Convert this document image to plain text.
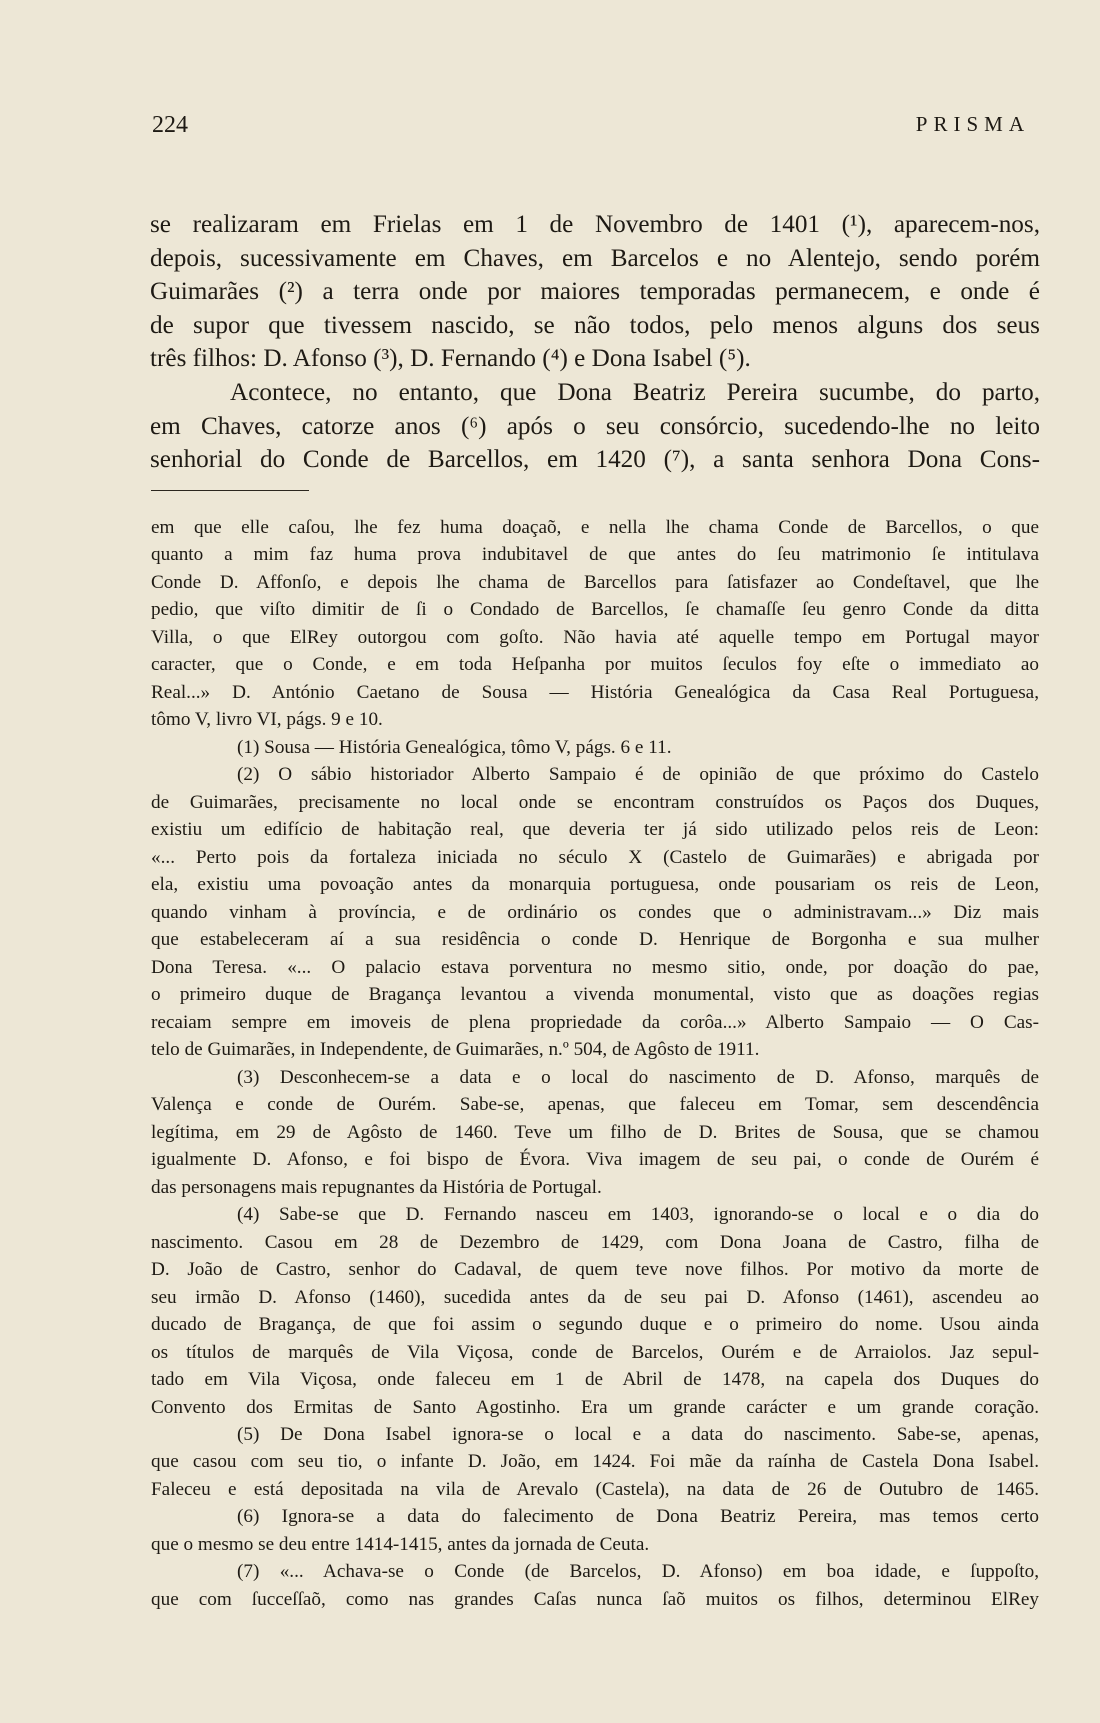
224	PRISMA

se realizaram em Frielas em 1 de Novembro de 1401 (¹), aparecem-nos,

depois, sucessivamente em Chaves, em Barcelos e no Alentejo, sendo porém

Guimarães (²) a terra onde por maiores temporadas permanecem, e onde é

de supor que tivessem nascido, se não todos, pelo menos alguns dos seus

três filhos: D. Afonso (³), D. Fernando (⁴) e Dona Isabel (⁵).

Acontece, no entanto, que Dona Beatriz Pereira sucumbe, do parto,

em Chaves, catorze anos (⁶) após o seu consórcio, sucedendo-lhe no leito

senhorial do Conde de Barcellos, em 1420 (⁷), a santa senhora Dona Cons-

em que elle caſou, lhe fez huma doaçaõ, e nella lhe chama Conde de Barcellos, o que

quanto a mim faz huma prova indubitavel de que antes do ſeu matrimonio ſe intitulava

Conde D. Affonſo, e depois lhe chama de Barcellos para ſatisfazer ao Condeſtavel, que lhe

pedio, que viſto dimitir de ſi o Condado de Barcellos, ſe chamaſſe ſeu genro Conde da ditta

Villa, o que ElRey outorgou com goſto. Não havia até aquelle tempo em Portugal mayor

caracter, que o Conde, e em toda Heſpanha por muitos ſeculos foy eſte o immediato ao

Real...» D. António Caetano de Sousa — História Genealógica da Casa Real Portuguesa,

tômo V, livro VI, págs. 9 e 10.

(1) Sousa — História Genealógica, tômo V, págs. 6 e 11.

(2) O sábio historiador Alberto Sampaio é de opinião de que próximo do Castelo

de Guimarães, precisamente no local onde se encontram construídos os Paços dos Duques,

existiu um edifício de habitação real, que deveria ter já sido utilizado pelos reis de Leon:

«... Perto pois da fortaleza iniciada no século X (Castelo de Guimarães) e abrigada por

ela, existiu uma povoação antes da monarquia portuguesa, onde pousariam os reis de Leon,

quando vinham à província, e de ordinário os condes que o administravam...» Diz mais

que estabeleceram aí a sua residência o conde D. Henrique de Borgonha e sua mulher

Dona Teresa. «... O palacio estava porventura no mesmo sitio, onde, por doação do pae,

o primeiro duque de Bragança levantou a vivenda monumental, visto que as doações regias

recaiam sempre em imoveis de plena propriedade da corôa...» Alberto Sampaio — O Cas-

telo de Guimarães, in Independente, de Guimarães, n.º 504, de Agôsto de 1911.

(3) Desconhecem-se a data e o local do nascimento de D. Afonso, marquês de

Valença e conde de Ourém. Sabe-se, apenas, que faleceu em Tomar, sem descendência

legítima, em 29 de Agôsto de 1460. Teve um filho de D. Brites de Sousa, que se chamou

igualmente D. Afonso, e foi bispo de Évora. Viva imagem de seu pai, o conde de Ourém é

das personagens mais repugnantes da História de Portugal.

(4) Sabe-se que D. Fernando nasceu em 1403, ignorando-se o local e o dia do

nascimento. Casou em 28 de Dezembro de 1429, com Dona Joana de Castro, filha de

D. João de Castro, senhor do Cadaval, de quem teve nove filhos. Por motivo da morte de

seu irmão D. Afonso (1460), sucedida antes da de seu pai D. Afonso (1461), ascendeu ao

ducado de Bragança, de que foi assim o segundo duque e o primeiro do nome. Usou ainda

os títulos de marquês de Vila Viçosa, conde de Barcelos, Ourém e de Arraiolos. Jaz sepul-

tado em Vila Viçosa, onde faleceu em 1 de Abril de 1478, na capela dos Duques do

Convento dos Ermitas de Santo Agostinho. Era um grande carácter e um grande coração.

(5) De Dona Isabel ignora-se o local e a data do nascimento. Sabe-se, apenas,

que casou com seu tio, o infante D. João, em 1424. Foi mãe da raínha de Castela Dona Isabel.

Faleceu e está depositada na vila de Arevalo (Castela), na data de 26 de Outubro de 1465.

(6) Ignora-se a data do falecimento de Dona Beatriz Pereira, mas temos certo

que o mesmo se deu entre 1414-1415, antes da jornada de Ceuta.

(7) «... Achava-se o Conde (de Barcelos, D. Afonso) em boa idade, e ſuppoſto,

que com ſucceſſaõ, como nas grandes Caſas nunca ſaõ muitos os filhos, determinou ElRey
